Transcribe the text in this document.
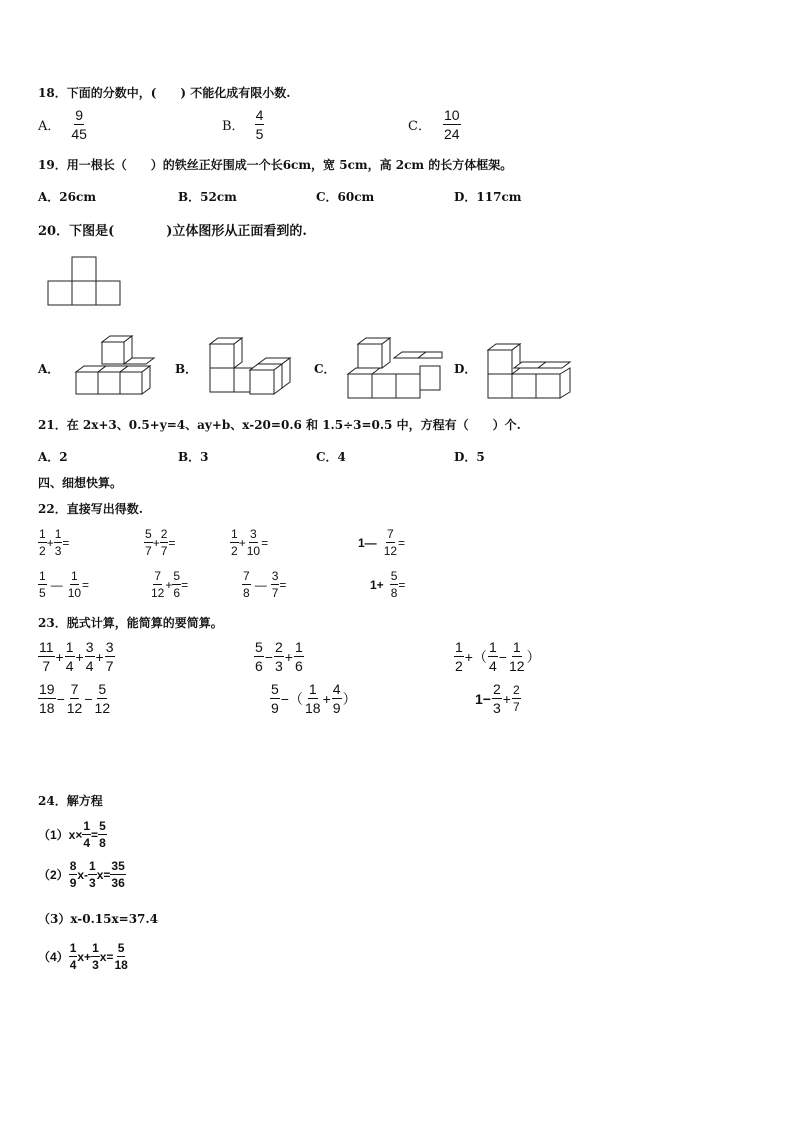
18．下面的分数中，(　　) 不能化成有限小数.
A． $\frac{9}{45}$	B． $\frac{4}{5}$	C． $\frac{10}{24}$
19．用一根长（　　）的铁丝正好围成一个长6cm，宽 5cm，高 2cm 的长方体框架。
A．26cm	B．52cm	C．60cm	D．117cm
20．下图是(　　　　)立体图形从正面看到的.
A．	B．	C．	D．
21．在 2x+3、0.5+y=4、ay+b、x-20=0.6 和 1.5÷3=0.5 中，方程有（　　）个.
A．2	B．3	C．4	D．5
四、细想快算。
22．直接写出得数.
$\frac{1}{2} + \frac{1}{3}$ =	$\frac{5}{7} + \frac{2}{7}$ =	$\frac{1}{2} + \frac{3}{10}$ =	1— $\frac{7}{12}$ =
$\frac{1}{5}$ — $\frac{1}{10}$ =	$\frac{7}{12} + \frac{5}{6}$ =	$\frac{7}{8}$ — $\frac{3}{7}$ =	$1+ \frac{5}{8}$ =
23．脱式计算，能简算的要简算。
$\frac{11}{7} + \frac{1}{4} + \frac{3}{4} + \frac{3}{7}$	$\frac{5}{6} - \frac{2}{3} + \frac{1}{6}$	$\frac{1}{2}$ +（ $\frac{1}{4} - \frac{1}{12}$ ）
$\frac{19}{18} - \frac{7}{12} - \frac{5}{12}$	$\frac{5}{9}$ −（ $\frac{1}{18} + \frac{4}{9}$ ）	$1- \frac{2}{3} + \frac{2}{7}$
24．解方程
$(1)x\times \frac{1}{4} = \frac{5}{8}$
$(2) \frac{8}{9} x- \frac{1}{3} x= \frac{35}{36}$
（3）x-0.15x=37.4
$(4) \frac{1}{4} x+ \frac{1}{3} x= \frac{5}{18}$
